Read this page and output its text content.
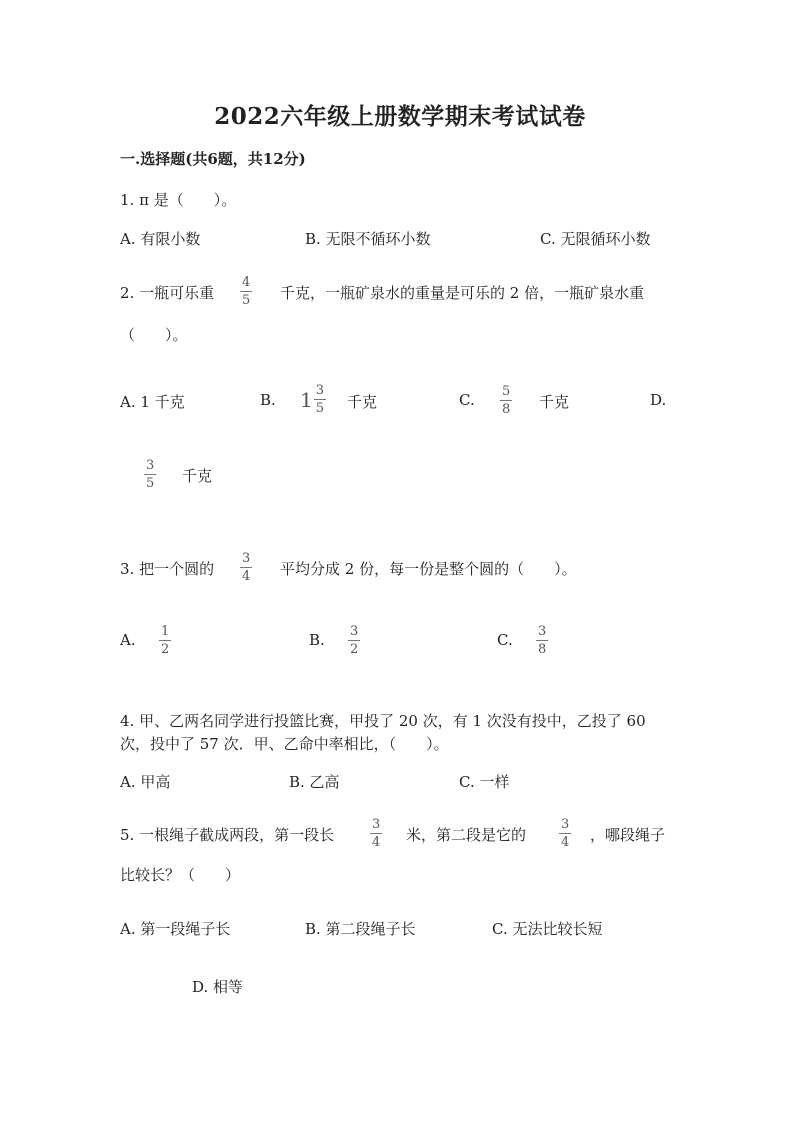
2022六年级上册数学期末考试试卷
一.选择题(共6题，共12分)
1. π 是（　　）。
A. 有限小数	B. 无限不循环小数	C. 无限循环小数
2. 一瓶可乐重
4
5 千克，一瓶矿泉水的重量是可乐的 2 倍，一瓶矿泉水重
（　　）。
A. 1 千克	B. $1 \frac{3}{5}$ 千克	C. 5
8 千克	D.
3
5 千克
3. 把一个圆的
3
4 平均分成 2 份，每一份是整个圆的（　　）。
A. 1
2
B. 3
2
C. 3
8
4. 甲、乙两名同学进行投篮比赛，甲投了 20 次，有 1 次没有投中，乙投了 60
次，投中了 57 次．甲、乙命中率相比，（　　）。
A. 甲高	B. 乙高	C. 一样
5. 一根绳子截成两段，第一段长
3
4 米，第二段是它的
3
4 ，哪段绳子
比较长？（　　）
A. 第一段绳子长	B. 第二段绳子长	C. 无法比较长短
D. 相等
